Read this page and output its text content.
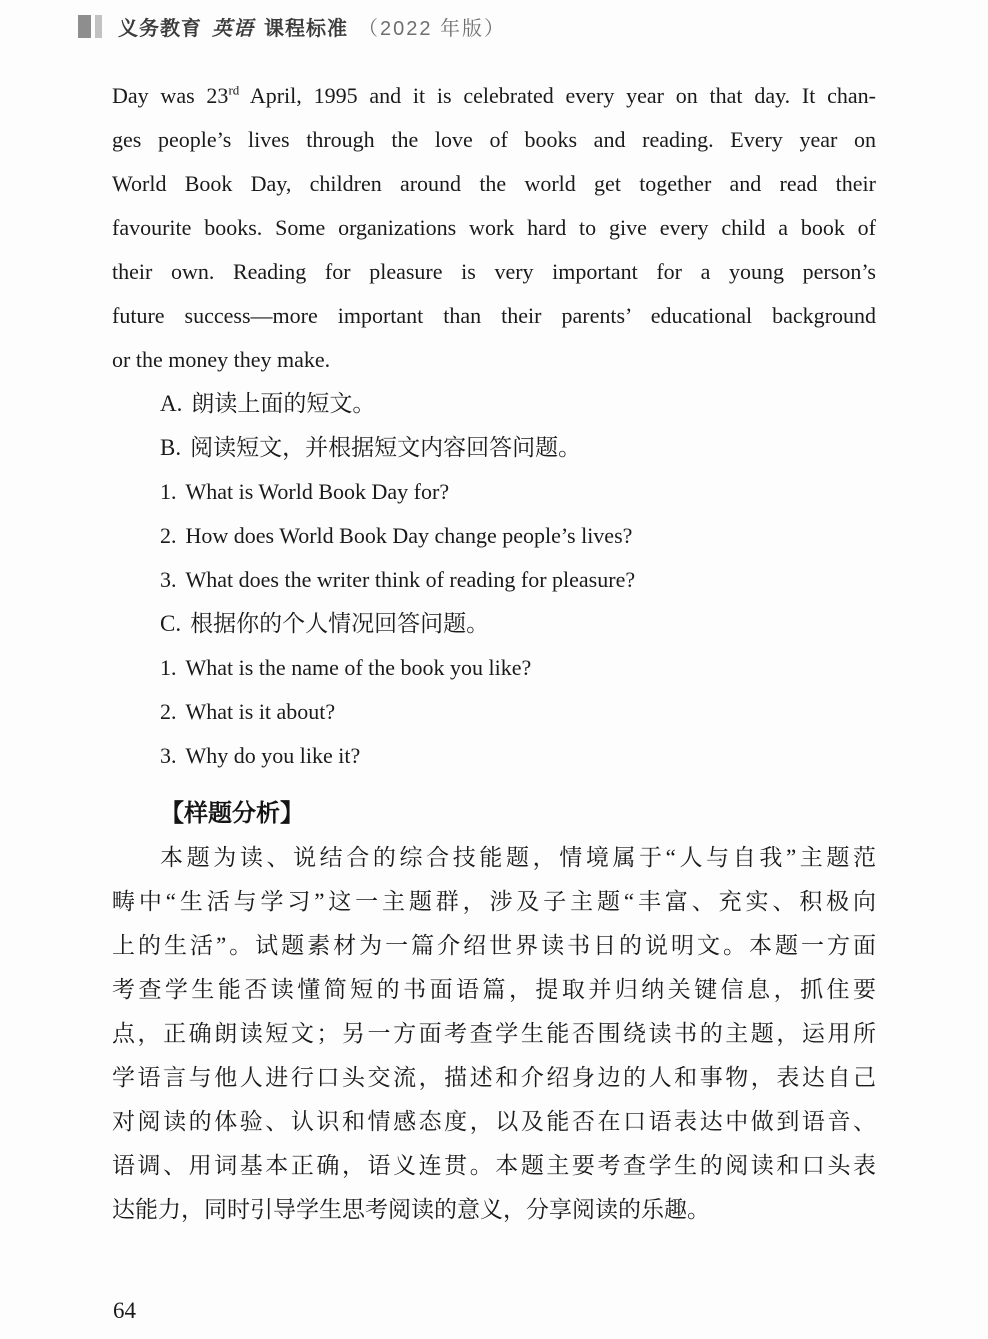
义务教育 英语 课程标准 （2022 年版）
Day was 23rd April, 1995 and it is celebrated every year on that day. It chan-
ges people’s lives through the love of books and reading. Every year on
World Book Day, children around the world get together and read their
favourite books. Some organizations work hard to give every child a book of
their own. Reading for pleasure is very important for a young person’s
future success—more important than their parents’ educational background
or the money they make.
A. 朗读上面的短文。
B. 阅读短文，并根据短文内容回答问题。
1. What is World Book Day for?
2. How does World Book Day change people’s lives?
3. What does the writer think of reading for pleasure?
C. 根据你的个人情况回答问题。
1. What is the name of the book you like?
2. What is it about?
3. Why do you like it?
【样题分析】
本题为读、说结合的综合技能题，情境属于“人与自我”主题范
畴中“生活与学习”这一主题群，涉及子主题“丰富、充实、积极向
上的生活”。试题素材为一篇介绍世界读书日的说明文。本题一方面
考查学生能否读懂简短的书面语篇，提取并归纳关键信息，抓住要
点，正确朗读短文；另一方面考查学生能否围绕读书的主题，运用所
学语言与他人进行口头交流，描述和介绍身边的人和事物，表达自己
对阅读的体验、认识和情感态度，以及能否在口语表达中做到语音、
语调、用词基本正确，语义连贯。本题主要考查学生的阅读和口头表
达能力，同时引导学生思考阅读的意义，分享阅读的乐趣。
64
